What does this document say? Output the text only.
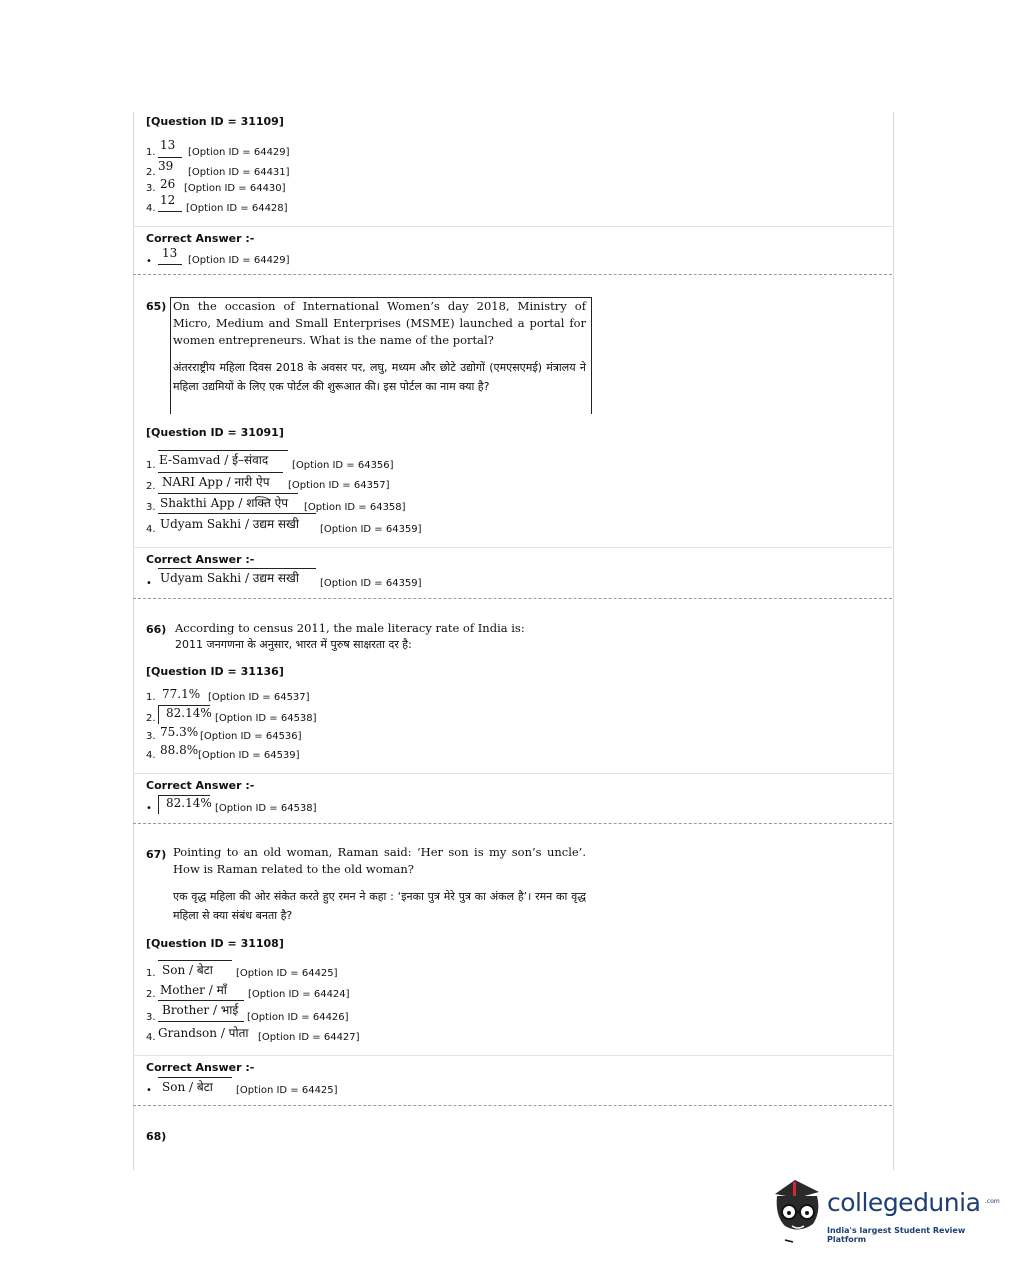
[Question ID = 31109]
1.
13
[Option ID = 64429]
2. 39 [Option ID = 64431]
3. 26 [Option ID = 64430]
4.
12
[Option ID = 64428]
Correct Answer :-
•
13
[Option ID = 64429]
65) On the occasion of International Women’s day 2018, Ministry of Micro, Medium and Small Enterprises (MSME) launched a portal for women entrepreneurs. What is the name of the portal?
अंतरराष्ट्रीय महिला दिवस 2018 के अवसर पर, लघु, मध्यम और छोटे उद्योगों (एमएसएमई) मंत्रालय ने महिला उद्यमियों के लिए एक पोर्टल की शुरूआत की। इस पोर्टल का नाम क्या है?
[Question ID = 31091]
1. E-Samvad / ई–संवाद [Option ID = 64356]
2. NARI App / नारी ऐप [Option ID = 64357]
3. Shakthi App / शक्ति ऐप [Option ID = 64358]
4. Udyam Sakhi / उद्यम सखी [Option ID = 64359]
Correct Answer :-
• Udyam Sakhi / उद्यम सखी [Option ID = 64359]
66) According to census 2011, the male literacy rate of India is:
2011 जनगणना के अनुसार, भारत में पुरुष साक्षरता दर है:
[Question ID = 31136]
1. 77.1% [Option ID = 64537]
2. 82.14% [Option ID = 64538]
3. 75.3% [Option ID = 64536]
4. 88.8% [Option ID = 64539]
Correct Answer :-
• 82.14% [Option ID = 64538]
67) Pointing to an old woman, Raman said: ‘Her son is my son’s uncle’. How is Raman related to the old woman?
एक वृद्ध महिला की ओर संकेत करते हुए रमन ने कहा : ‘इनका पुत्र मेरे पुत्र का अंकल है’। रमन का वृद्ध महिला से क्या संबंध बनता है?
[Question ID = 31108]
1. Son / बेटा [Option ID = 64425]
2. Mother / माँ [Option ID = 64424]
3.
Brother / भाई
[Option ID = 64426]
4. Grandson / पोता [Option ID = 64427]
Correct Answer :-
• Son / बेटा [Option ID = 64425]
68)
collegedunia .com
India's largest Student Review Platform
